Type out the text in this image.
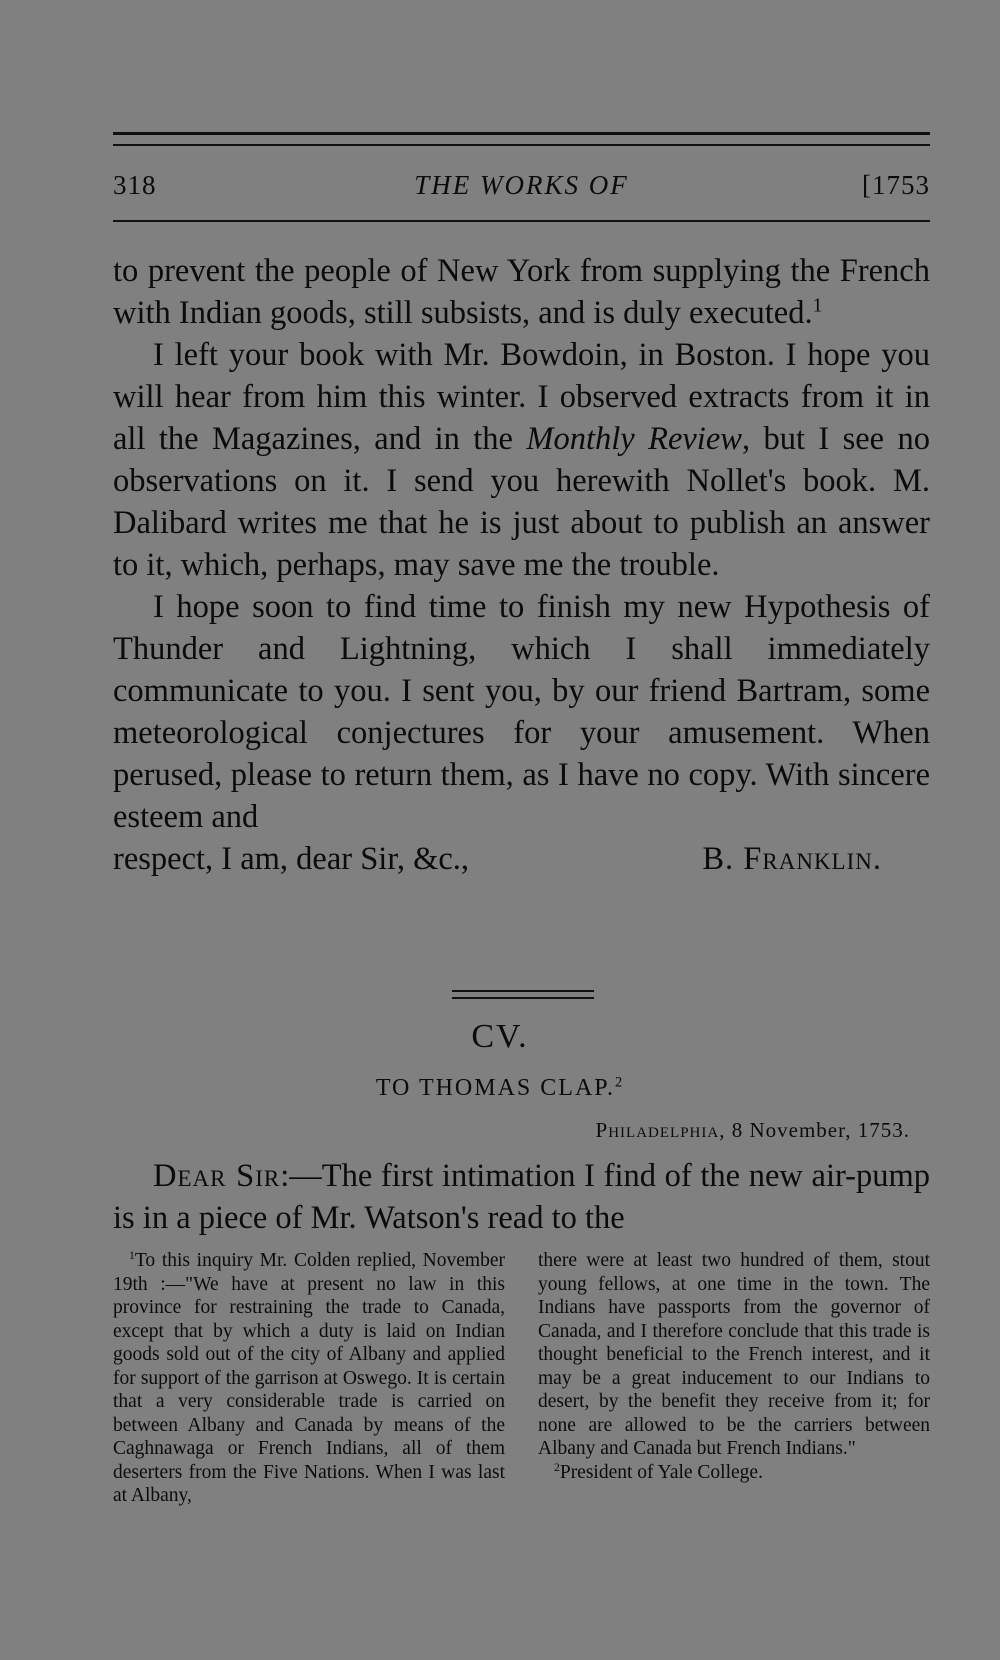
318	THE WORKS OF	[1753

to prevent the people of New York from supplying the French with Indian goods, still subsists, and is duly executed.$^1$

I left your book with Mr. Bowdoin, in Boston. I hope you will hear from him this winter. I observed extracts from it in all the Magazines, and in the Monthly Review, but I see no observations on it. I send you herewith Nollet's book. M. Dalibard writes me that he is just about to publish an answer to it, which, perhaps, may save me the trouble.

I hope soon to find time to finish my new Hypothesis of Thunder and Lightning, which I shall immediately communicate to you. I sent you, by our friend Bartram, some meteorological conjectures for your amusement. When perused, please to return them, as I have no copy. With sincere esteem and

respect, I am, dear Sir, &c.,	B. Franklin.
CV.
TO THOMAS CLAP.$^2$
Philadelphia, 8 November, 1753.
Dear Sir:—The first intimation I find of the new air-pump is in a piece of Mr. Watson's read to the

$^1$To this inquiry Mr. Colden replied, November 19th :—"We have at present no law in this province for restraining the trade to Canada, except that by which a duty is laid on Indian goods sold out of the city of Albany and applied for support of the garrison at Oswego. It is certain that a very considerable trade is carried on between Albany and Canada by means of the Caghnawaga or French Indians, all of them deserters from the Five Nations. When I was last at Albany,

there were at least two hundred of them, stout young fellows, at one time in the town. The Indians have passports from the governor of Canada, and I therefore conclude that this trade is thought beneficial to the French interest, and it may be a great inducement to our Indians to desert, by the benefit they receive from it; for none are allowed to be the carriers between Albany and Canada but French Indians."

$^2$President of Yale College.
